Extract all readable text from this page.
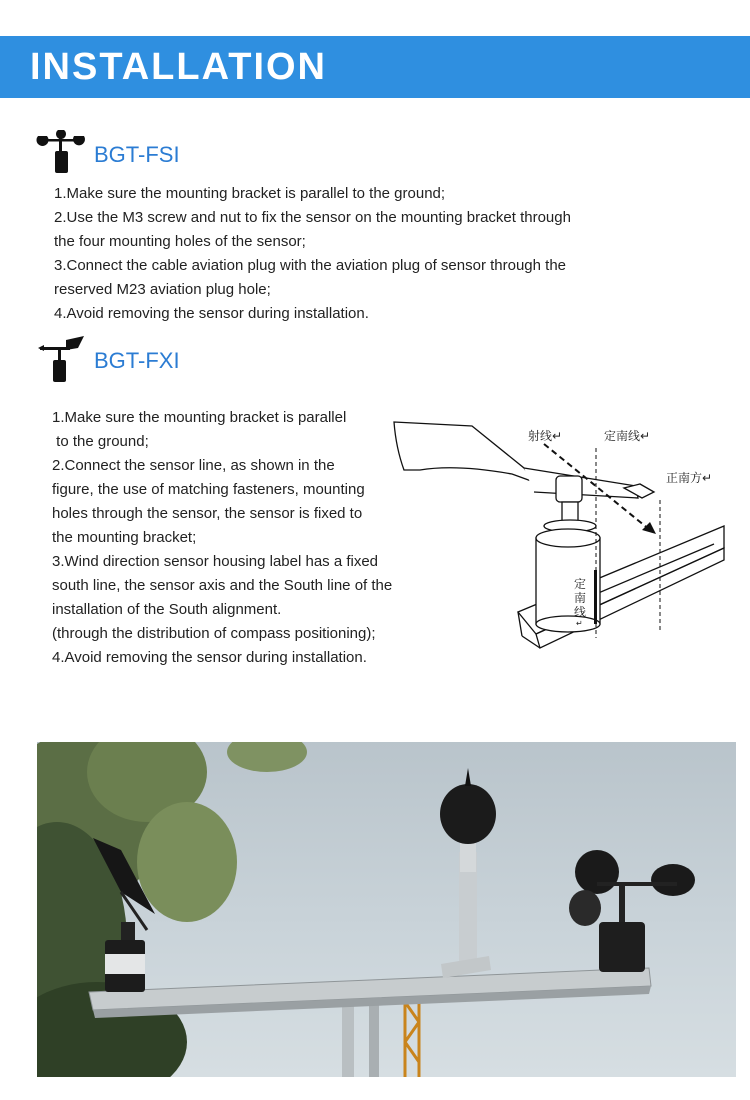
INSTALLATION
BGT-FSI
1.Make sure the mounting bracket is parallel to the ground;
2.Use the M3 screw and nut to fix the sensor on the mounting bracket through
the four mounting holes of the sensor;
3.Connect the cable aviation plug with the aviation plug of sensor through the
reserved M23 aviation plug hole;
4.Avoid removing the sensor during installation.
BGT-FXI
1.Make sure the mounting bracket is parallel
to the ground;
2.Connect the sensor line, as shown in the
figure, the use of matching fasteners, mounting
holes through the sensor, the sensor is fixed to
the mounting bracket;
3.Wind direction sensor housing label has a fixed
south line, the sensor axis and the South line of the
installation of the South alignment.
(through the distribution of compass positioning);
4.Avoid removing the sensor during installation.
定
南
线
↵
射线↵	定南线↵
正南方↵
